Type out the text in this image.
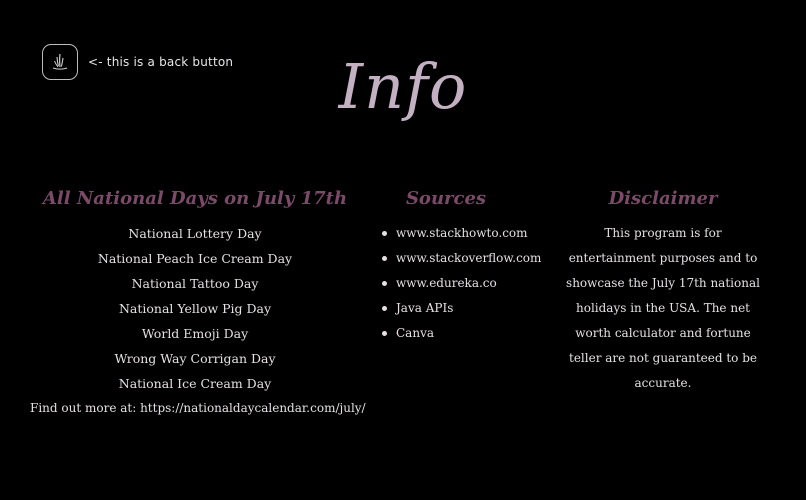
<- this is a back button	Info
All National Days on July 17th
National Lottery Day
National Peach Ice Cream Day
National Tattoo Day
National Yellow Pig Day
World Emoji Day
Wrong Way Corrigan Day
National Ice Cream Day
Find out more at: https://nationaldaycalendar.com/july/
Sources
www.stackhowto.com
www.stackoverflow.com
www.edureka.co
Java APIs
Canva
Disclaimer

This program is for entertainment purposes and to showcase the July 17th national holidays in the USA. The net worth calculator and fortune teller are not guaranteed to be accurate.
